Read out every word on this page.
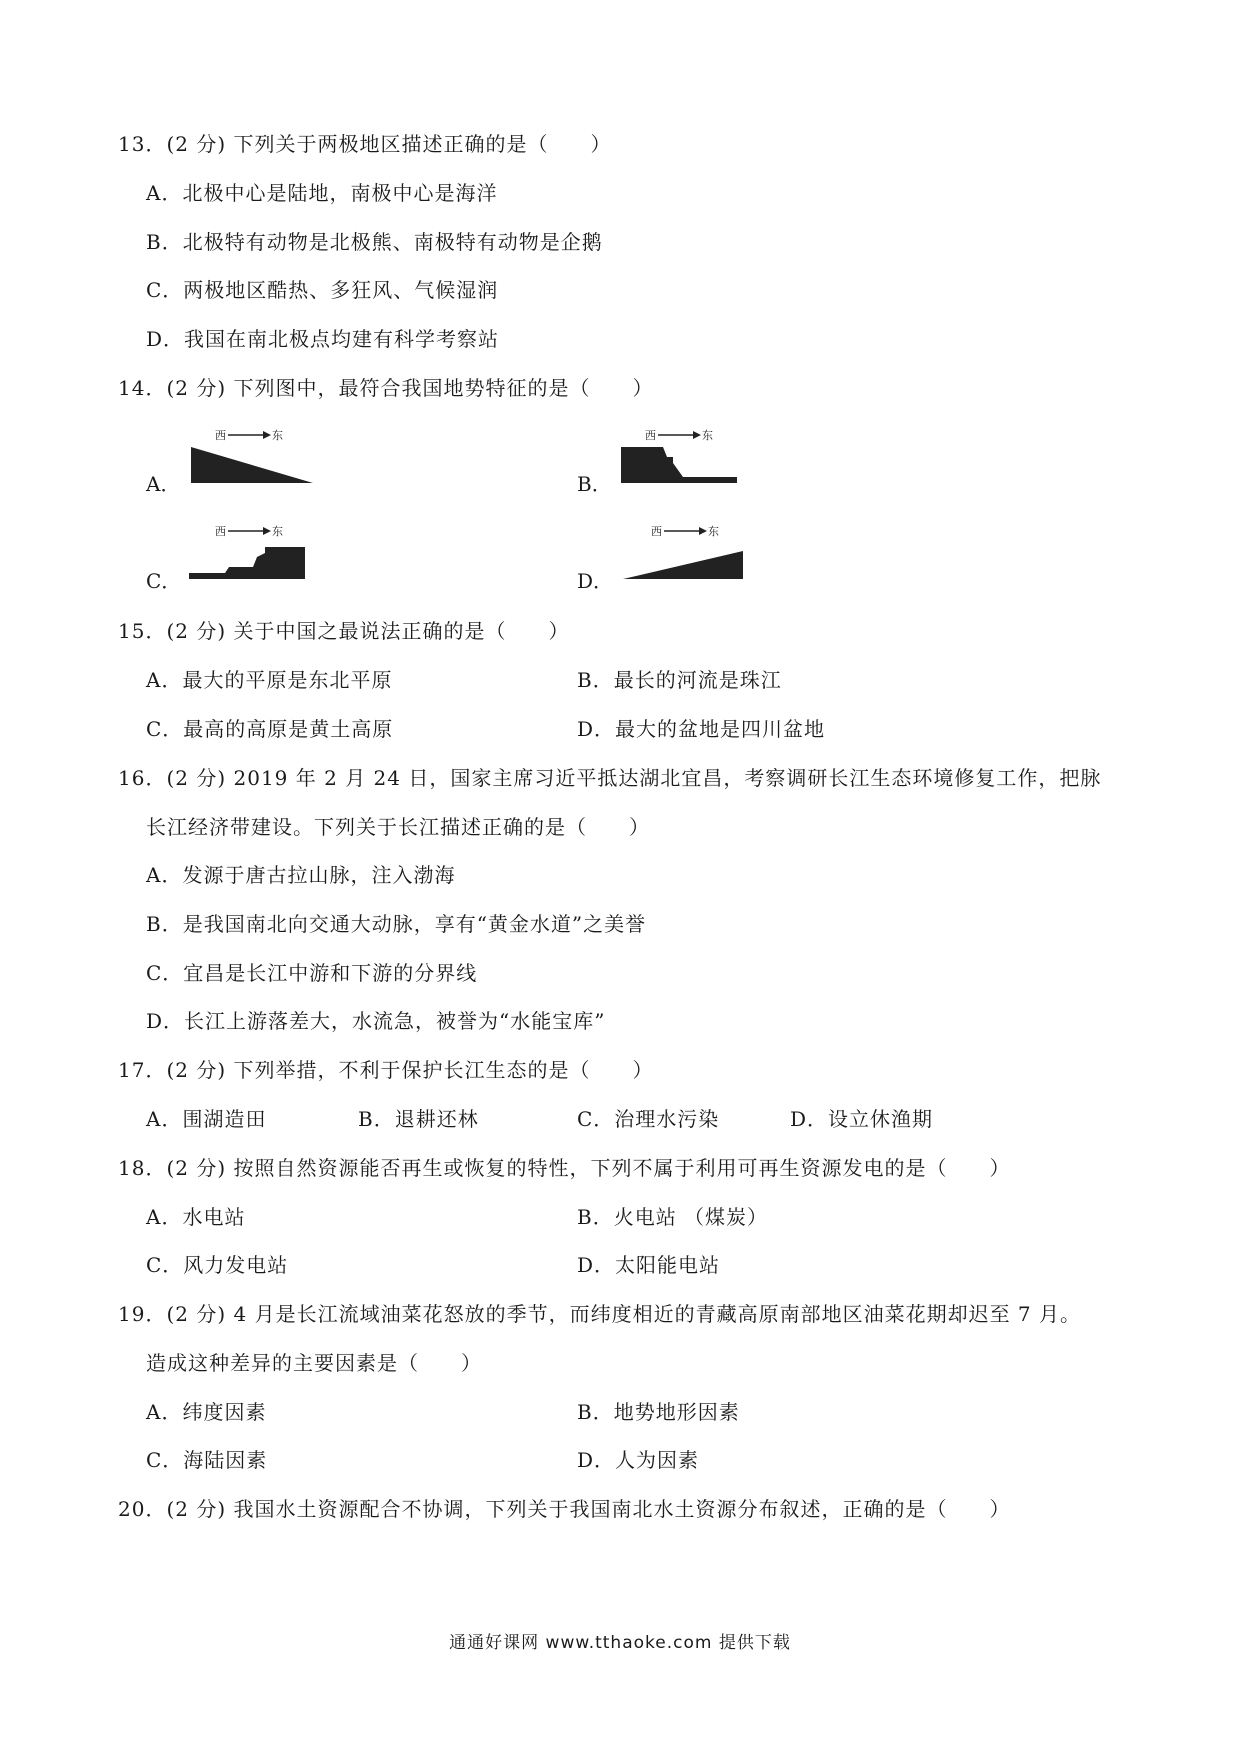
13．(2 分) 下列关于两极地区描述正确的是（　　）
A．北极中心是陆地，南极中心是海洋
B．北极特有动物是北极熊、南极特有动物是企鹅
C．两极地区酷热、多狂风、气候湿润
D．我国在南北极点均建有科学考察站
14．(2 分) 下列图中，最符合我国地势特征的是（　　）
A．
西	东
B．
西	东
C．
西	东
D．
西	东
15．(2 分) 关于中国之最说法正确的是（　　）
A．最大的平原是东北平原	B．最长的河流是珠江
C．最高的高原是黄土高原	D．最大的盆地是四川盆地
16．(2 分) 2019 年 2 月 24 日，国家主席习近平抵达湖北宜昌，考察调研长江生态环境修复工作，把脉
长江经济带建设。下列关于长江描述正确的是（　　）
A．发源于唐古拉山脉，注入渤海
B．是我国南北向交通大动脉，享有“黄金水道”之美誉
C．宜昌是长江中游和下游的分界线
D．长江上游落差大，水流急，被誉为“水能宝库”
17．(2 分) 下列举措，不利于保护长江生态的是（　　）
A．围湖造田	B．退耕还林	C．治理水污染	D．设立休渔期
18．(2 分) 按照自然资源能否再生或恢复的特性，下列不属于利用可再生资源发电的是（　　）
A．水电站	B．火电站 （煤炭）
C．风力发电站	D．太阳能电站
19．(2 分) 4 月是长江流域油菜花怒放的季节，而纬度相近的青藏高原南部地区油菜花期却迟至 7 月。
造成这种差异的主要因素是（　　）
A．纬度因素	B．地势地形因素
C．海陆因素	D．人为因素
20．(2 分) 我国水土资源配合不协调，下列关于我国南北水土资源分布叙述，正确的是（　　）
通通好课网 www.tthaoke.com 提供下载
